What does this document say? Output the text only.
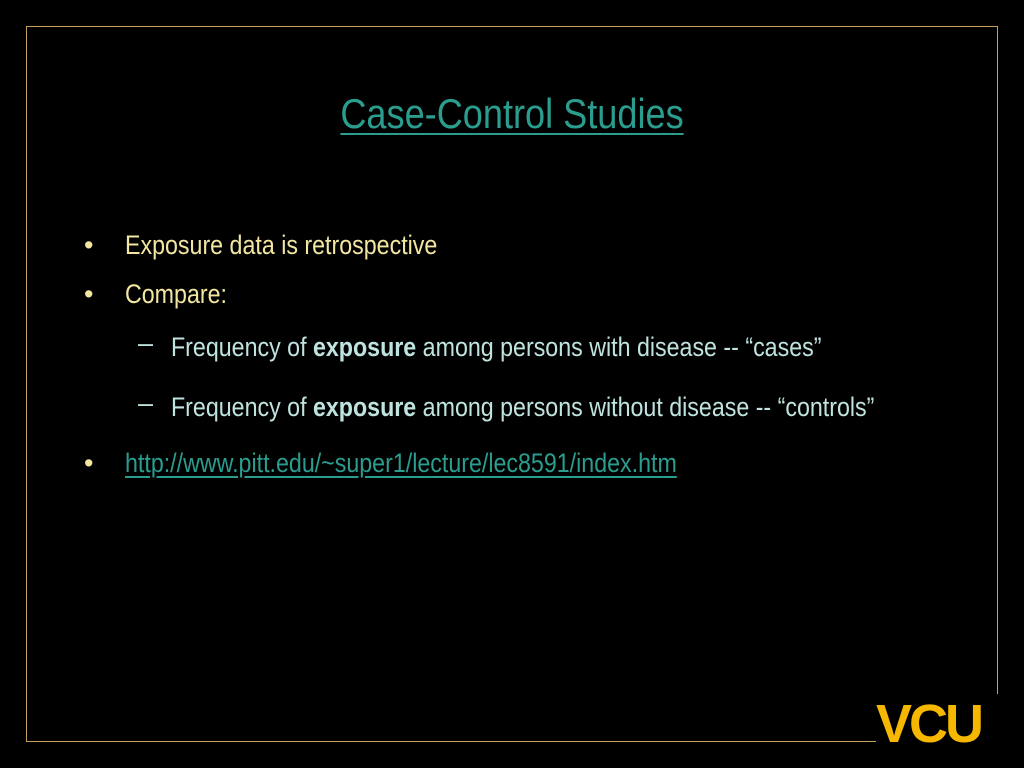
Case-Control Studies
• Exposure data is retrospective
• Compare:
– Frequency of exposure among persons with disease -- “cases”
– Frequency of exposure among persons without disease -- “controls”
• http://www.pitt.edu/~super1/lecture/lec8591/index.htm
VCU
